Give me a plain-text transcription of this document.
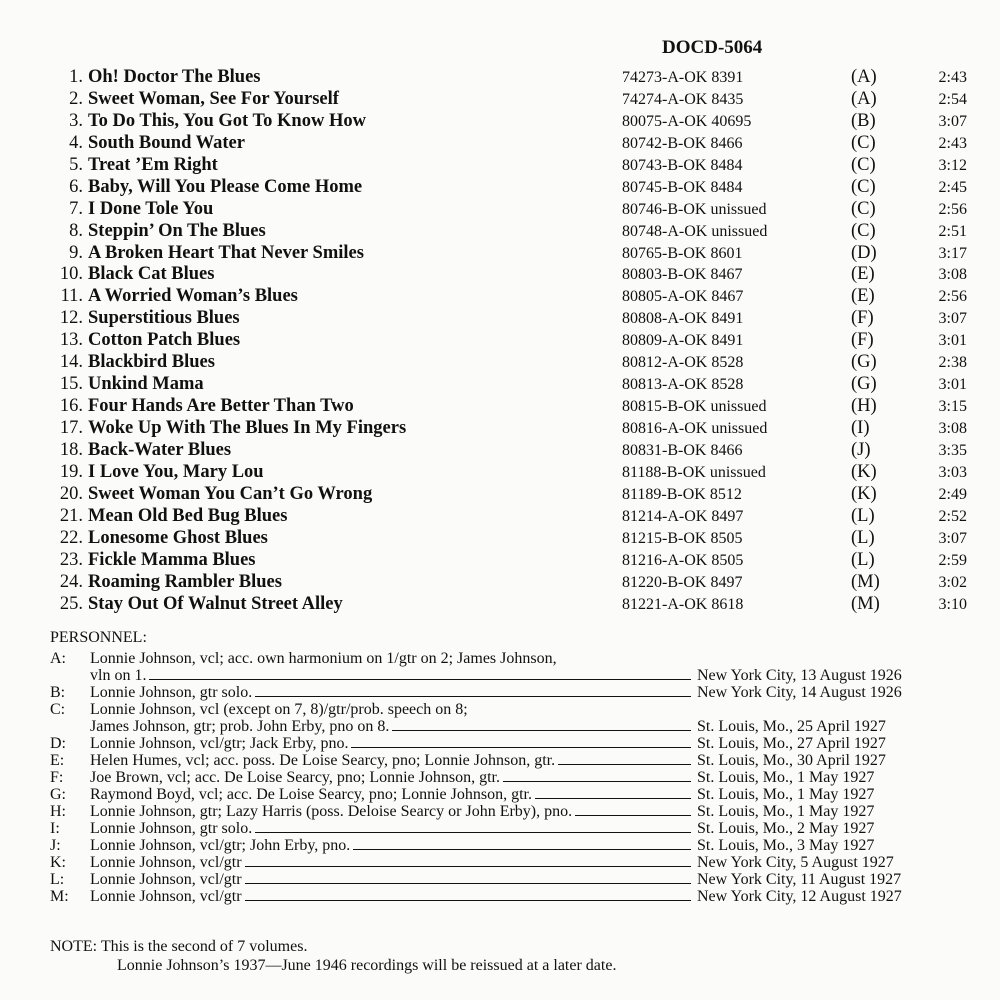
DOCD-5064
1. Oh! Doctor The Blues	74273-A-OK 8391	(A)	2:43
2. Sweet Woman, See For Yourself	74274-A-OK 8435	(A)	2:54
3. To Do This, You Got To Know How	80075-A-OK 40695	(B)	3:07
4. South Bound Water	80742-B-OK 8466	(C)	2:43
5. Treat ’Em Right	80743-B-OK 8484	(C)	3:12
6. Baby, Will You Please Come Home	80745-B-OK 8484	(C)	2:45
7. I Done Tole You	80746-B-OK unissued	(C)	2:56
8. Steppin’ On The Blues	80748-A-OK unissued	(C)	2:51
9. A Broken Heart That Never Smiles	80765-B-OK 8601	(D)	3:17
10. Black Cat Blues	80803-B-OK 8467	(E)	3:08
11. A Worried Woman’s Blues	80805-A-OK 8467	(E)	2:56
12. Superstitious Blues	80808-A-OK 8491	(F)	3:07
13. Cotton Patch Blues	80809-A-OK 8491	(F)	3:01
14. Blackbird Blues	80812-A-OK 8528	(G)	2:38
15. Unkind Mama	80813-A-OK 8528	(G)	3:01
16. Four Hands Are Better Than Two	80815-B-OK unissued	(H)	3:15
17. Woke Up With The Blues In My Fingers	80816-A-OK unissued	(I)	3:08
18. Back-Water Blues	80831-B-OK 8466	(J)	3:35
19. I Love You, Mary Lou	81188-B-OK unissued	(K)	3:03
20. Sweet Woman You Can’t Go Wrong	81189-B-OK 8512	(K)	2:49
21. Mean Old Bed Bug Blues	81214-A-OK 8497	(L)	2:52
22. Lonesome Ghost Blues	81215-B-OK 8505	(L)	3:07
23. Fickle Mamma Blues	81216-A-OK 8505	(L)	2:59
24. Roaming Rambler Blues	81220-B-OK 8497	(M)	3:02
25. Stay Out Of Walnut Street Alley	81221-A-OK 8618	(M)	3:10
PERSONNEL:
A: Lonnie Johnson, vcl; acc. own harmonium on 1/gtr on 2; James Johnson,
vln on 1.	New York City, 13 August 1926
B: Lonnie Johnson, gtr solo.	New York City, 14 August 1926
C: Lonnie Johnson, vcl (except on 7, 8)/gtr/prob. speech on 8;
James Johnson, gtr; prob. John Erby, pno on 8.	St. Louis, Mo., 25 April 1927
D: Lonnie Johnson, vcl/gtr; Jack Erby, pno.	St. Louis, Mo., 27 April 1927
E: Helen Humes, vcl; acc. poss. De Loise Searcy, pno; Lonnie Johnson, gtr.	St. Louis, Mo., 30 April 1927
F: Joe Brown, vcl; acc. De Loise Searcy, pno; Lonnie Johnson, gtr.	St. Louis, Mo., 1 May 1927
G: Raymond Boyd, vcl; acc. De Loise Searcy, pno; Lonnie Johnson, gtr.	St. Louis, Mo., 1 May 1927
H: Lonnie Johnson, gtr; Lazy Harris (poss. Deloise Searcy or John Erby), pno.	St. Louis, Mo., 1 May 1927
I: Lonnie Johnson, gtr solo.	St. Louis, Mo., 2 May 1927
J: Lonnie Johnson, vcl/gtr; John Erby, pno.	St. Louis, Mo., 3 May 1927
K: Lonnie Johnson, vcl/gtr	New York City, 5 August 1927
L: Lonnie Johnson, vcl/gtr	New York City, 11 August 1927
M: Lonnie Johnson, vcl/gtr	New York City, 12 August 1927
NOTE: This is the second of 7 volumes.
Lonnie Johnson’s 1937—June 1946 recordings will be reissued at a later date.
